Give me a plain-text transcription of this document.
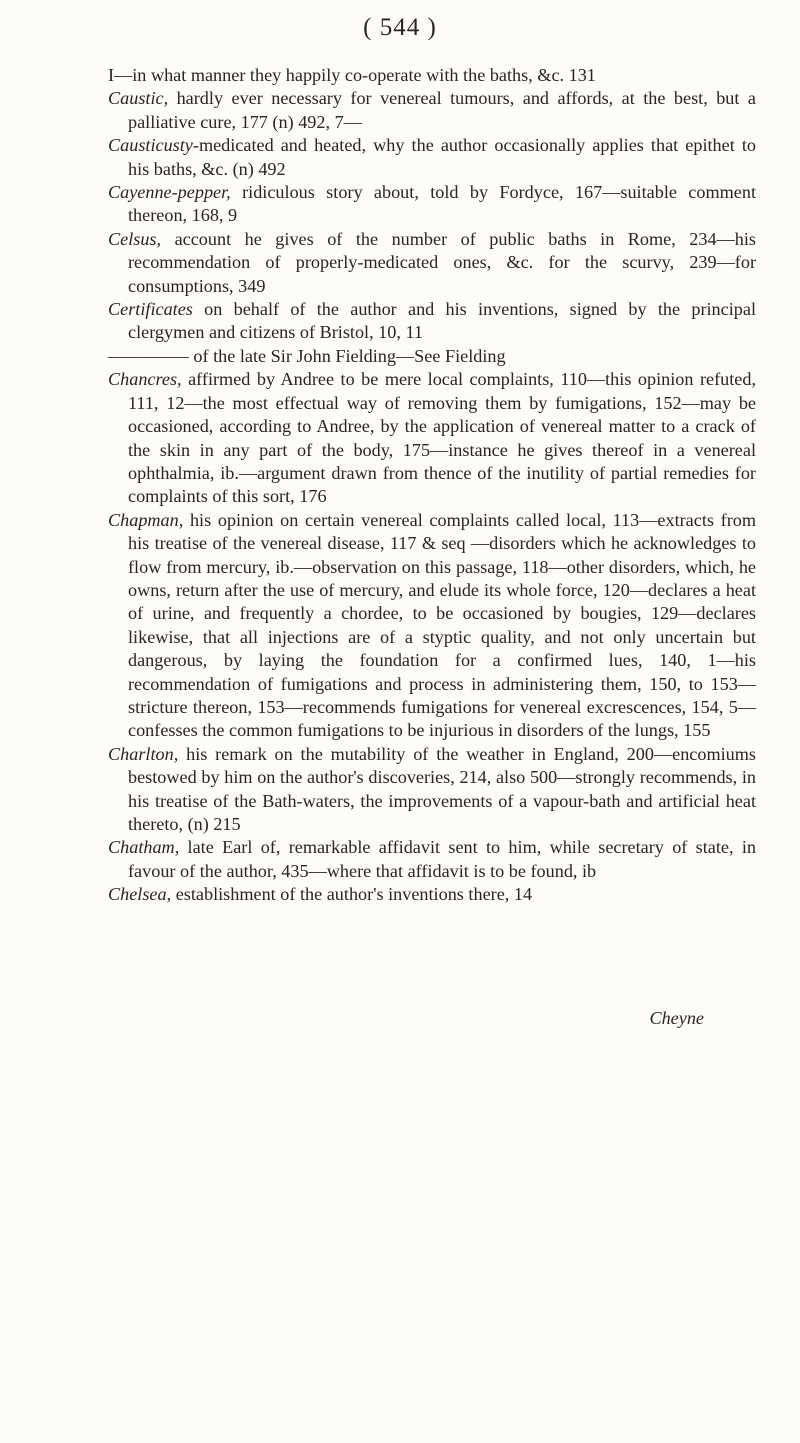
( 544 )

I—in what manner they happily co-operate with the baths, &c. 131

Caustic, hardly ever necessary for venereal tumours, and affords, at the best, but a palliative cure, 177 (n) 492, 7—

Causticusty-medicated and heated, why the author occasionally applies that epithet to his baths, &c. (n) 492

Cayenne-pepper, ridiculous story about, told by Fordyce, 167—suitable comment thereon, 168, 9

Celsus, account he gives of the number of public baths in Rome, 234—his recommendation of properly-medicated ones, &c. for the scurvy, 239—for consumptions, 349

Certificates on behalf of the author and his inventions, signed by the principal clergymen and citizens of Bristol, 10, 11

————— of the late Sir John Fielding—See Fielding

Chancres, affirmed by Andree to be mere local complaints, 110—this opinion refuted, 111, 12—the most effectual way of removing them by fumigations, 152—may be occasioned, according to Andree, by the application of venereal matter to a crack of the skin in any part of the body, 175—instance he gives thereof in a venereal ophthalmia, ib.—argument drawn from thence of the inutility of partial remedies for complaints of this sort, 176

Chapman, his opinion on certain venereal complaints called local, 113—extracts from his treatise of the venereal disease, 117 & seq —disorders which he acknowledges to flow from mercury, ib.—observation on this passage, 118—other disorders, which, he owns, return after the use of mercury, and elude its whole force, 120—declares a heat of urine, and frequently a chordee, to be occasioned by bougies, 129—declares likewise, that all injections are of a styptic quality, and not only uncertain but dangerous, by laying the foundation for a confirmed lues, 140, 1—his recommendation of fumigations and process in administering them, 150, to 153—stricture thereon, 153—recommends fumigations for venereal excrescences, 154, 5—confesses the common fumigations to be injurious in disorders of the lungs, 155

Charlton, his remark on the mutability of the weather in England, 200—encomiums bestowed by him on the author's discoveries, 214, also 500—strongly recommends, in his treatise of the Bath-waters, the improvements of a vapour-bath and artificial heat thereto, (n) 215

Chatham, late Earl of, remarkable affidavit sent to him, while secretary of state, in favour of the author, 435—where that affidavit is to be found, ib

Chelsea, establishment of the author's inventions there, 14

Cheyne
